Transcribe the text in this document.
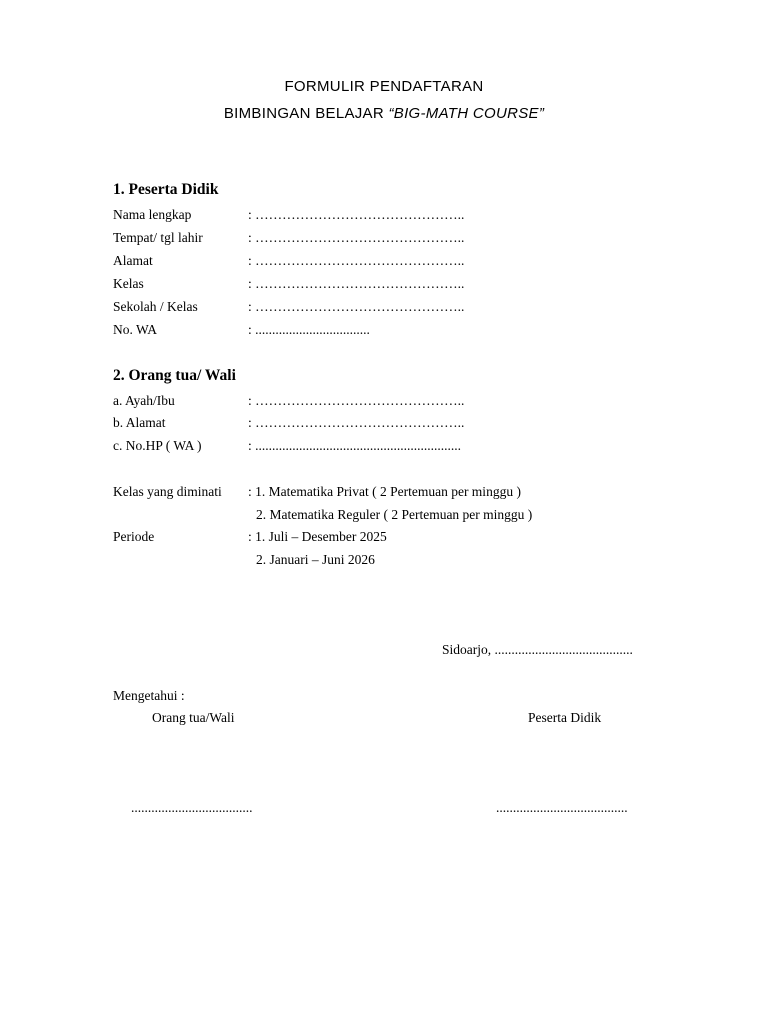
FORMULIR PENDAFTARAN
BIMBINGAN BELAJAR “BIG-MATH COURSE”
1. Peserta Didik
Nama lengkap	: ………………………………………..
Tempat/ tgl lahir	: ………………………………………..
Alamat	: ………………………………………..
Kelas	: ………………………………………..
Sekolah / Kelas	: ………………………………………..
No. WA	: ..................................
2. Orang tua/ Wali
a. Ayah/Ibu	: ………………………………………..
b. Alamat	: ………………………………………..
c. No.HP ( WA )	: .............................................................
Kelas yang diminati : 1. Matematika Privat ( 2 Pertemuan per minggu )
2. Matematika Reguler ( 2 Pertemuan per minggu )
Periode	: 1. Juli – Desember 2025
2. Januari – Juni 2026
Sidoarjo, .........................................
Mengetahui :
Orang tua/Wali	Peserta Didik
....................................	.......................................
